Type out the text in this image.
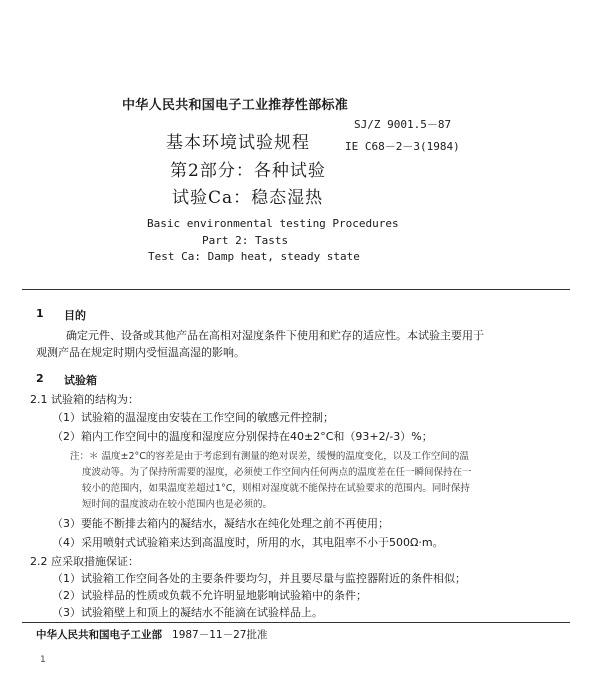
中华人民共和国电子工业推荐性部标准
SJ/Z 9001.5－87
IE C68－2－3(1984)
基本环境试验规程
第2部分：各种试验
试验Ca：稳态湿热
Basic environmental testing Procedures
Part 2: Tasts
Test Ca: Damp heat, steady state
1 目的
确定元件、设备或其他产品在高相对湿度条件下使用和贮存的适应性。本试验主要用于
观测产品在规定时期内受恒温高湿的影响。
2 试验箱
2.1 试验箱的结构为：
（1）试验箱的温湿度由安装在工作空间的敏感元件控制；
（2）箱内工作空间中的温度和湿度应分别保持在40±2°C和（93+2/-3）%；
注：＊ 温度±2°C的容差是由于考虑到有测量的绝对误差，缓慢的温度变化，以及工作空间的温
度波动等。为了保持所需要的湿度，必须使工作空间内任何两点的温度差在任一瞬间保持在一
较小的范围内，如果温度差超过1°C，则相对湿度就不能保持在试验要求的范围内。同时保持
短时间的温度波动在较小范围内也是必须的。
（3）要能不断排去箱内的凝结水，凝结水在纯化处理之前不再使用；
（4）采用喷射式试验箱来达到高温度时，所用的水，其电阻率不小于500Ω·m。
2.2 应采取措施保证：
（1）试验箱工作空间各处的主要条件要均匀，并且要尽量与监控器附近的条件相似；
（2）试验样品的性质或负载不允许明显地影响试验箱中的条件；
（3）试验箱壁上和顶上的凝结水不能滴在试验样品上。
中华人民共和国电子工业部 1987－11－27批准
1
